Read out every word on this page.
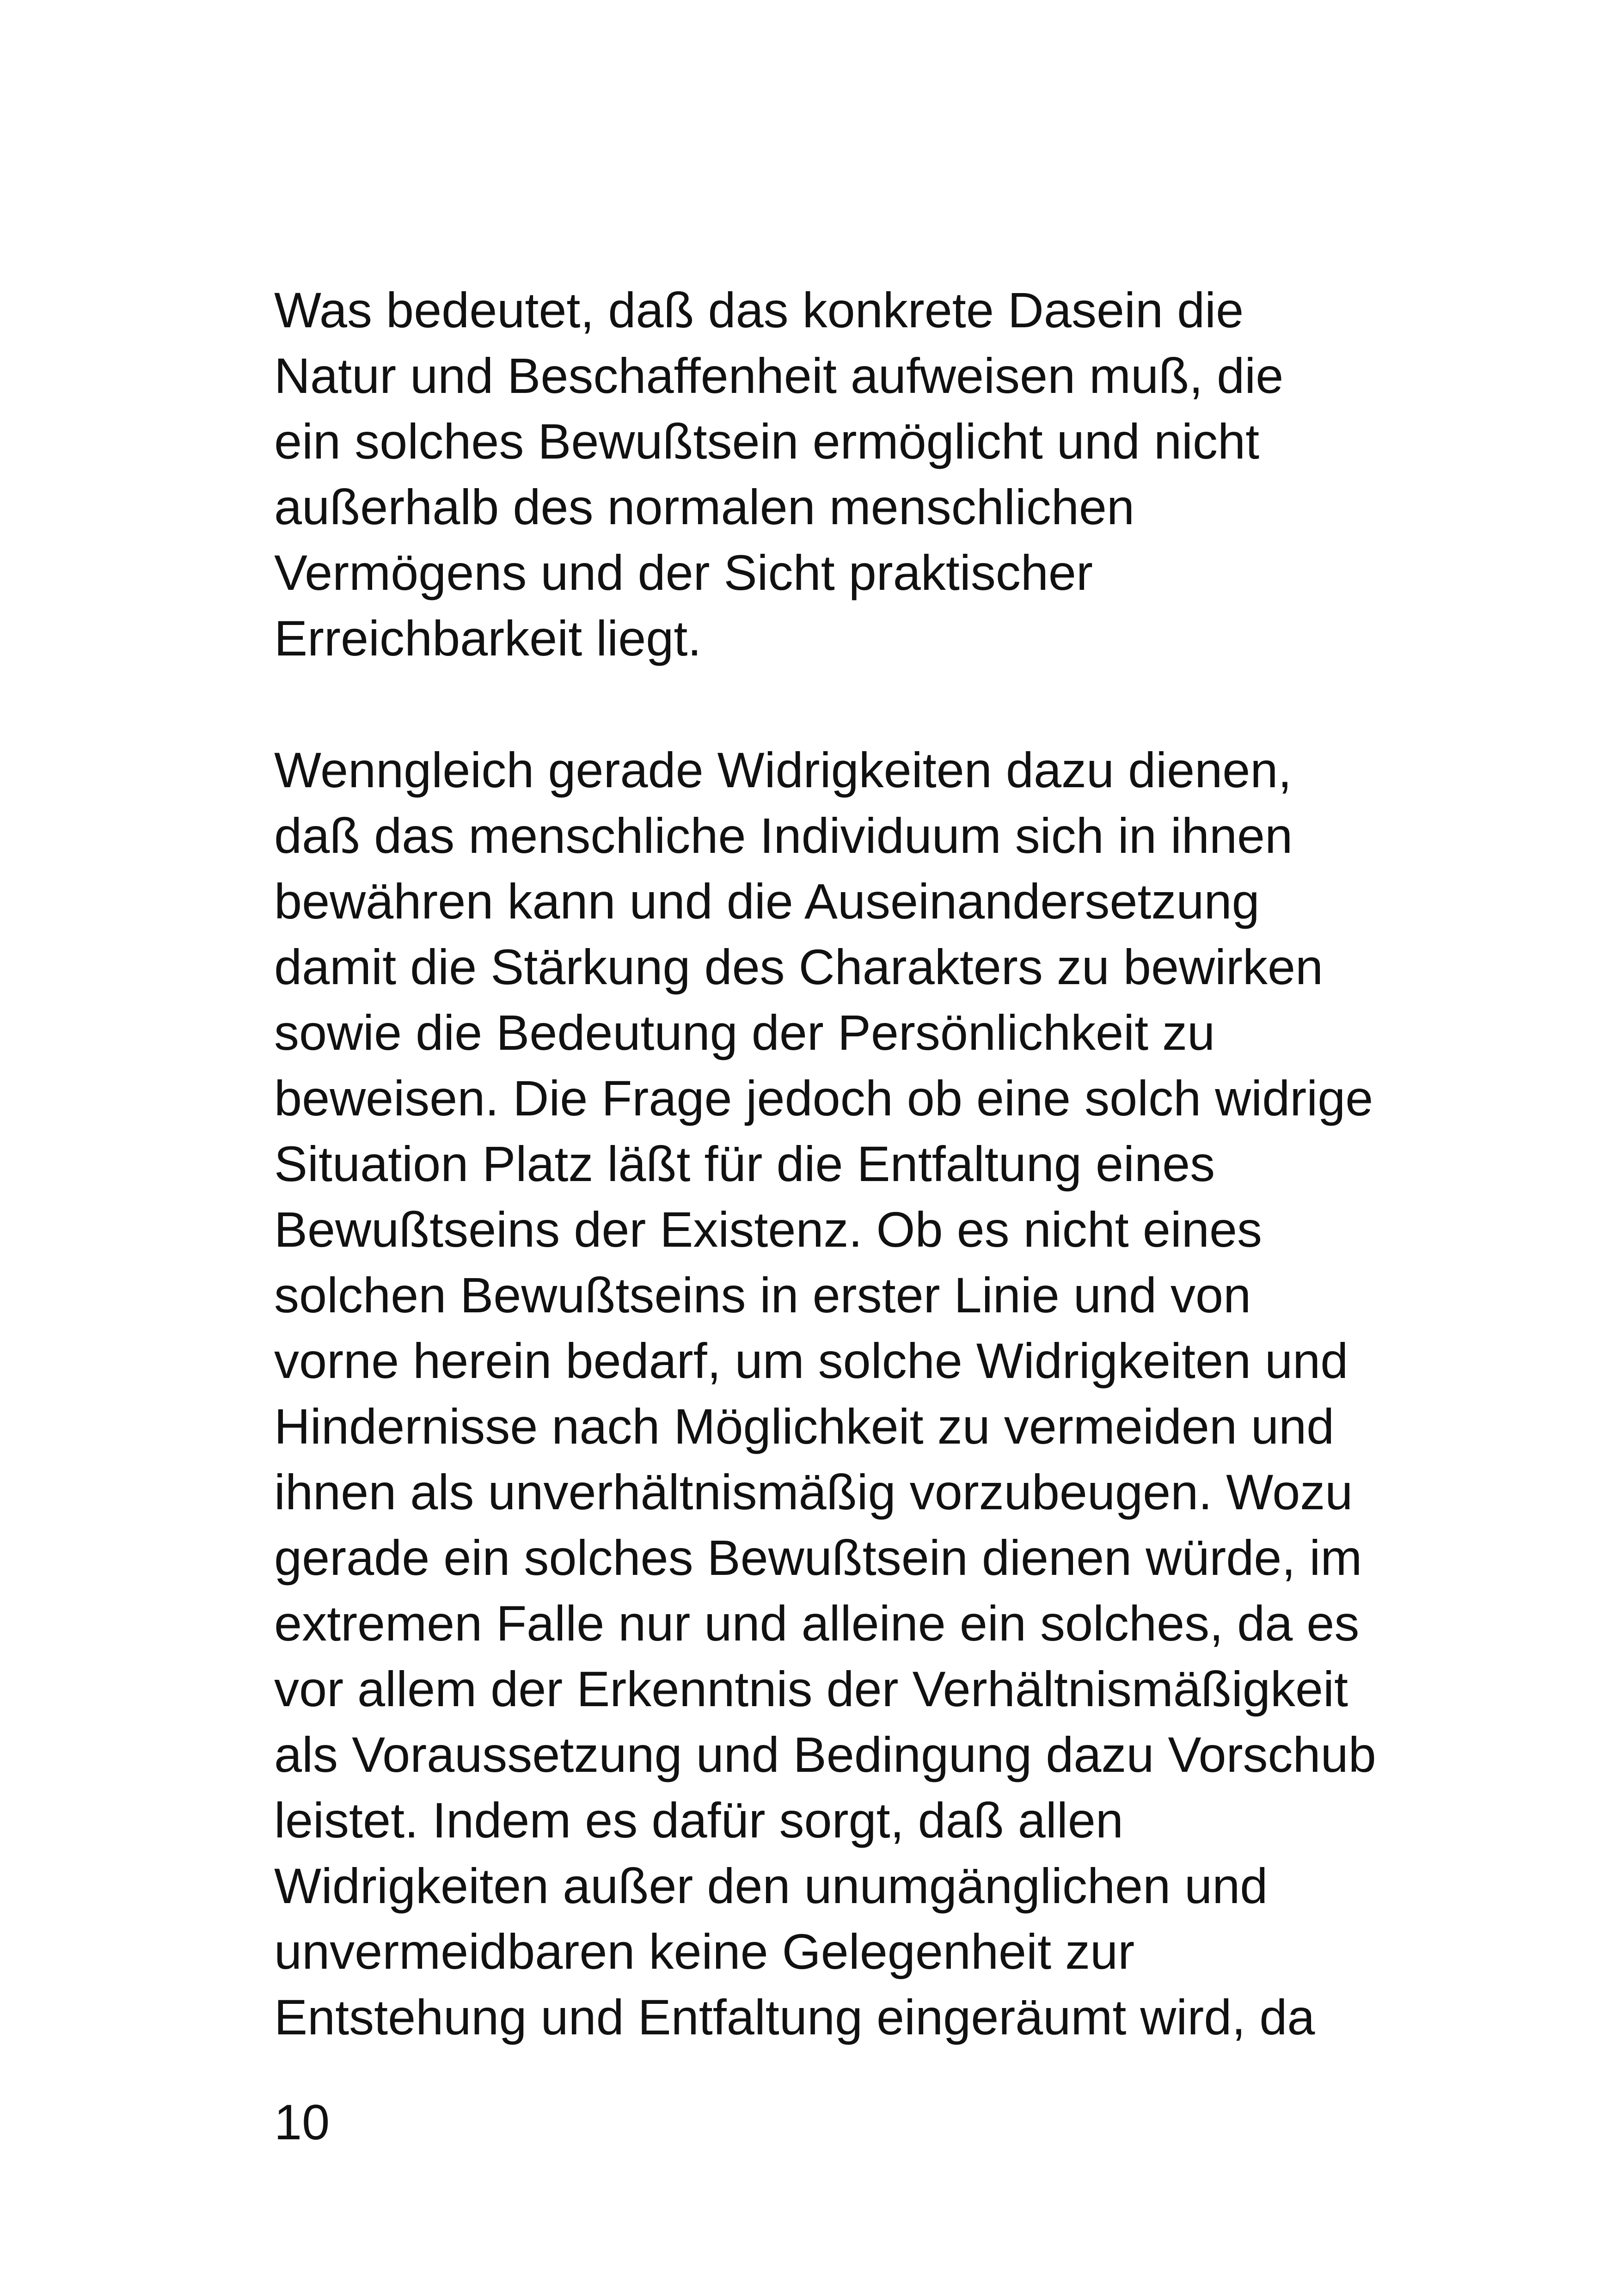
Was bedeutet, daß das konkrete Dasein die
Natur und Beschaffenheit aufweisen muß, die
ein solches Bewußtsein ermöglicht und nicht
außerhalb des normalen menschlichen
Vermögens und der Sicht praktischer
Erreichbarkeit liegt.
Wenngleich gerade Widrigkeiten dazu dienen,
daß das menschliche Individuum sich in ihnen
bewähren kann und die Auseinandersetzung
damit die Stärkung des Charakters zu bewirken
sowie die Bedeutung der Persönlichkeit zu
beweisen. Die Frage jedoch ob eine solch widrige
Situation Platz läßt für die Entfaltung eines
Bewußtseins der Existenz. Ob es nicht eines
solchen Bewußtseins in erster Linie und von
vorne herein bedarf, um solche Widrigkeiten und
Hindernisse nach Möglichkeit zu vermeiden und
ihnen als unverhältnismäßig vorzubeugen. Wozu
gerade ein solches Bewußtsein dienen würde, im
extremen Falle nur und alleine ein solches, da es
vor allem der Erkenntnis der Verhältnismäßigkeit
als Voraussetzung und Bedingung dazu Vorschub
leistet. Indem es dafür sorgt, daß allen
Widrigkeiten außer den unumgänglichen und
unvermeidbaren keine Gelegenheit zur
Entstehung und Entfaltung eingeräumt wird, da
10
